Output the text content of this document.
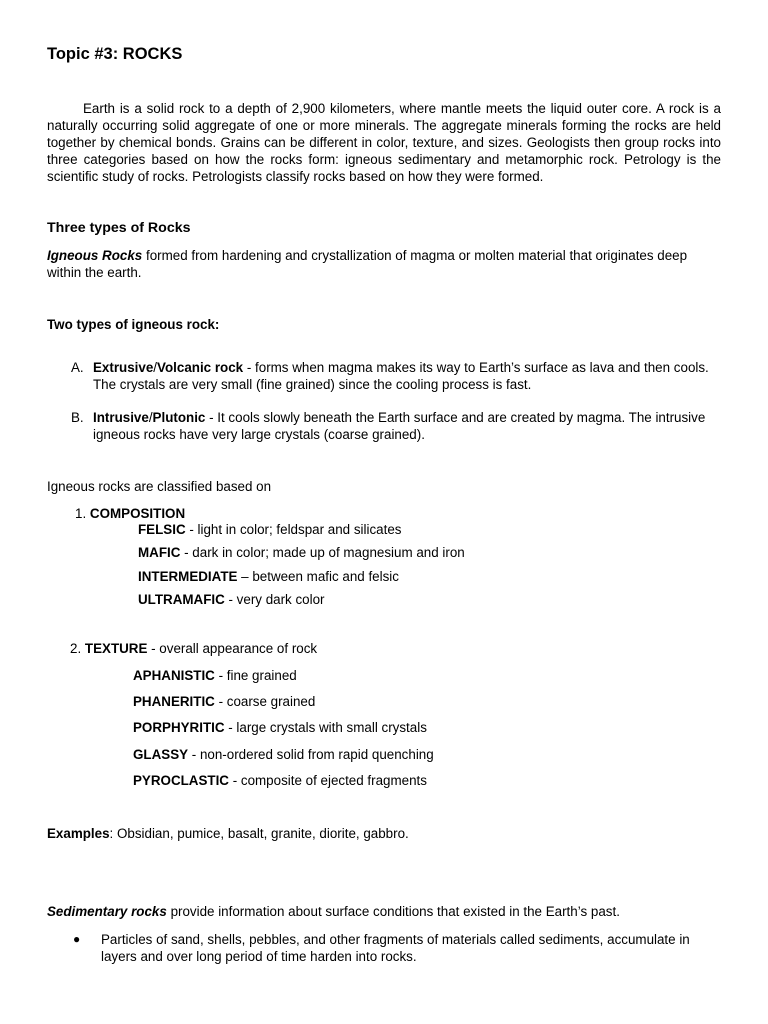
Topic #3: ROCKS

Earth is a solid rock to a depth of 2,900 kilometers, where mantle meets the liquid outer core. A rock is a naturally occurring solid aggregate of one or more minerals. The aggregate minerals forming the rocks are held together by chemical bonds. Grains can be different in color, texture, and sizes. Geologists then group rocks into three categories based on how the rocks form: igneous sedimentary and metamorphic rock. Petrology is the scientific study of rocks. Petrologists classify rocks based on how they were formed.

Three types of Rocks
Igneous Rocks formed from hardening and crystallization of magma or molten material that originates deep within the earth.
Two types of igneous rock:
A. Extrusive/Volcanic rock - forms when magma makes its way to Earth’s surface as lava and then cools. The crystals are very small (fine grained) since the cooling process is fast.
B. Intrusive/Plutonic - It cools slowly beneath the Earth surface and are created by magma. The intrusive igneous rocks have very large crystals (coarse grained).
Igneous rocks are classified based on
1. COMPOSITION
FELSIC - light in color; feldspar and silicates
MAFIC - dark in color; made up of magnesium and iron
INTERMEDIATE – between mafic and felsic
ULTRAMAFIC - very dark color
2. TEXTURE - overall appearance of rock
APHANISTIC - fine grained
PHANERITIC - coarse grained
PORPHYRITIC - large crystals with small crystals
GLASSY - non-ordered solid from rapid quenching
PYROCLASTIC - composite of ejected fragments
Examples: Obsidian, pumice, basalt, granite, diorite, gabbro.
Sedimentary rocks provide information about surface conditions that existed in the Earth’s past.
● Particles of sand, shells, pebbles, and other fragments of materials called sediments, accumulate in layers and over long period of time harden into rocks.
